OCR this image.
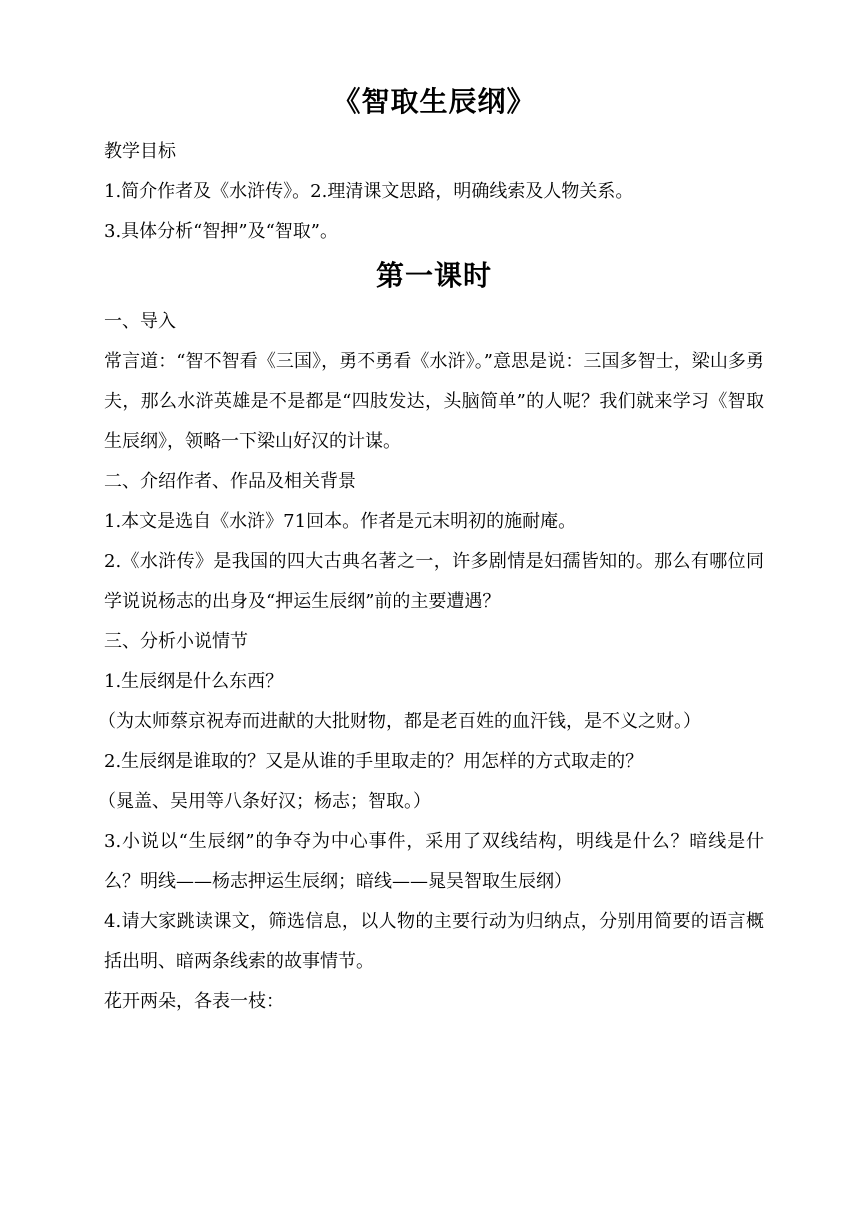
《智取生辰纲》

教学目标

1.简介作者及《水浒传》。2.理清课文思路，明确线索及人物关系。

3.具体分析“智押”及“智取”。

第一课时

一、导入

常言道：“智不智看《三国》，勇不勇看《水浒》。”意思是说：三国多智士，梁山多勇夫，那么水浒英雄是不是都是“四肢发达，头脑简单”的人呢？我们就来学习《智取生辰纲》，领略一下梁山好汉的计谋。

二、介绍作者、作品及相关背景

1.本文是选自《水浒》71回本。作者是元末明初的施耐庵。

2.《水浒传》是我国的四大古典名著之一，许多剧情是妇孺皆知的。那么有哪位同学说说杨志的出身及“押运生辰纲”前的主要遭遇？

三、分析小说情节

1.生辰纲是什么东西？

（为太师蔡京祝寿而进献的大批财物，都是老百姓的血汗钱，是不义之财。）

2.生辰纲是谁取的？又是从谁的手里取走的？用怎样的方式取走的？

（晁盖、吴用等八条好汉；杨志；智取。）

3.小说以“生辰纲”的争夺为中心事件，采用了双线结构，明线是什么？暗线是什么？明线——杨志押运生辰纲；暗线——晁吴智取生辰纲）

4.请大家跳读课文，筛选信息，以人物的主要行动为归纳点，分别用简要的语言概括出明、暗两条线索的故事情节。

花开两朵，各表一枝：
